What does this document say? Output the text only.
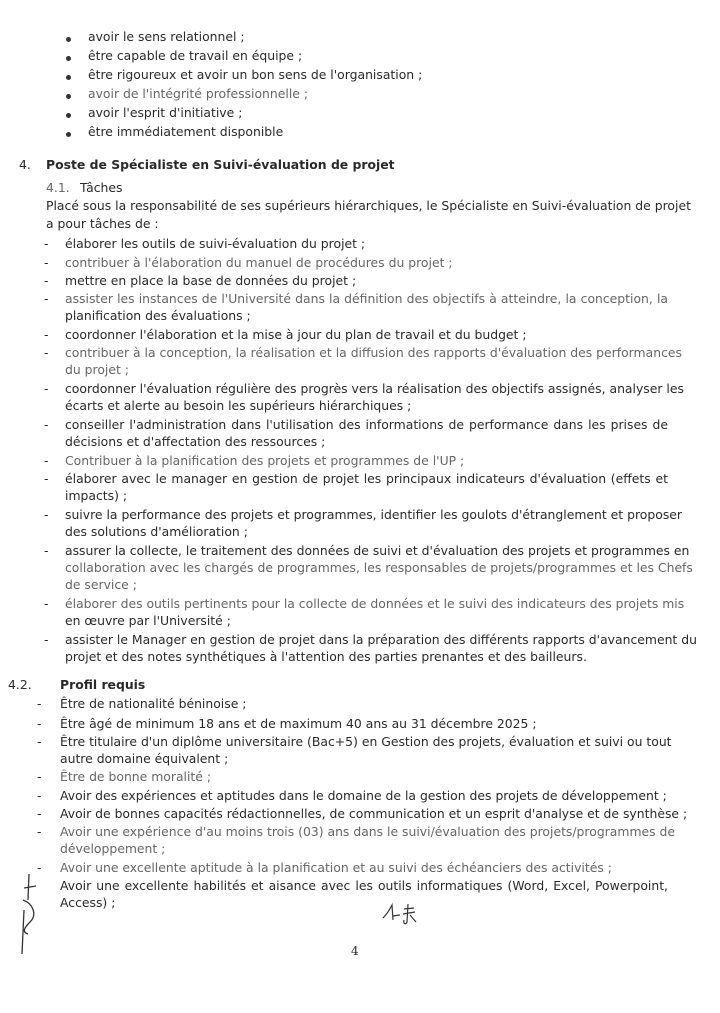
avoir le sens relationnel ;
être capable de travail en équipe ;
être rigoureux et avoir un bon sens de l'organisation ;
avoir de l'intégrité professionnelle ;
avoir l'esprit d'initiative ;
être immédiatement disponible
4. Poste de Spécialiste en Suivi-évaluation de projet
4.1. Tâches
Placé sous la responsabilité de ses supérieurs hiérarchiques, le Spécialiste en Suivi-évaluation de projet
a pour tâches de :
- élaborer les outils de suivi-évaluation du projet ;
- contribuer à l'élaboration du manuel de procédures du projet ;
- mettre en place la base de données du projet ;
- assister les instances de l'Université dans la définition des objectifs à atteindre, la conception, la
planification des évaluations ;
- coordonner l'élaboration et la mise à jour du plan de travail et du budget ;
- contribuer à la conception, la réalisation et la diffusion des rapports d'évaluation des performances
du projet ;
- coordonner l'évaluation régulière des progrès vers la réalisation des objectifs assignés, analyser les
écarts et alerte au besoin les supérieurs hiérarchiques ;
- conseiller l'administration dans l'utilisation des informations de performance dans les prises de
décisions et d'affectation des ressources ;
- Contribuer à la planification des projets et programmes de l'UP ;
- élaborer avec le manager en gestion de projet les principaux indicateurs d'évaluation (effets et
impacts) ;
- suivre la performance des projets et programmes, identifier les goulots d'étranglement et proposer
des solutions d'amélioration ;
- assurer la collecte, le traitement des données de suivi et d'évaluation des projets et programmes en
collaboration avec les chargés de programmes, les responsables de projets/programmes et les Chefs
de service ;
- élaborer des outils pertinents pour la collecte de données et le suivi des indicateurs des projets mis
en œuvre par l'Université ;
- assister le Manager en gestion de projet dans la préparation des différents rapports d'avancement du
projet et des notes synthétiques à l'attention des parties prenantes et des bailleurs.
4.2. Profil requis
- Être de nationalité béninoise ;
- Être âgé de minimum 18 ans et de maximum 40 ans au 31 décembre 2025 ;
- Être titulaire d'un diplôme universitaire (Bac+5) en Gestion des projets, évaluation et suivi ou tout
autre domaine équivalent ;
- Être de bonne moralité ;
- Avoir des expériences et aptitudes dans le domaine de la gestion des projets de développement ;
- Avoir de bonnes capacités rédactionnelles, de communication et un esprit d'analyse et de synthèse ;
- Avoir une expérience d'au moins trois (03) ans dans le suivi/évaluation des projets/programmes de
développement ;
- Avoir une excellente aptitude à la planification et au suivi des échéanciers des activités ;
Avoir une excellente habilités et aisance avec les outils informatiques (Word, Excel, Powerpoint,
Access) ;
4
